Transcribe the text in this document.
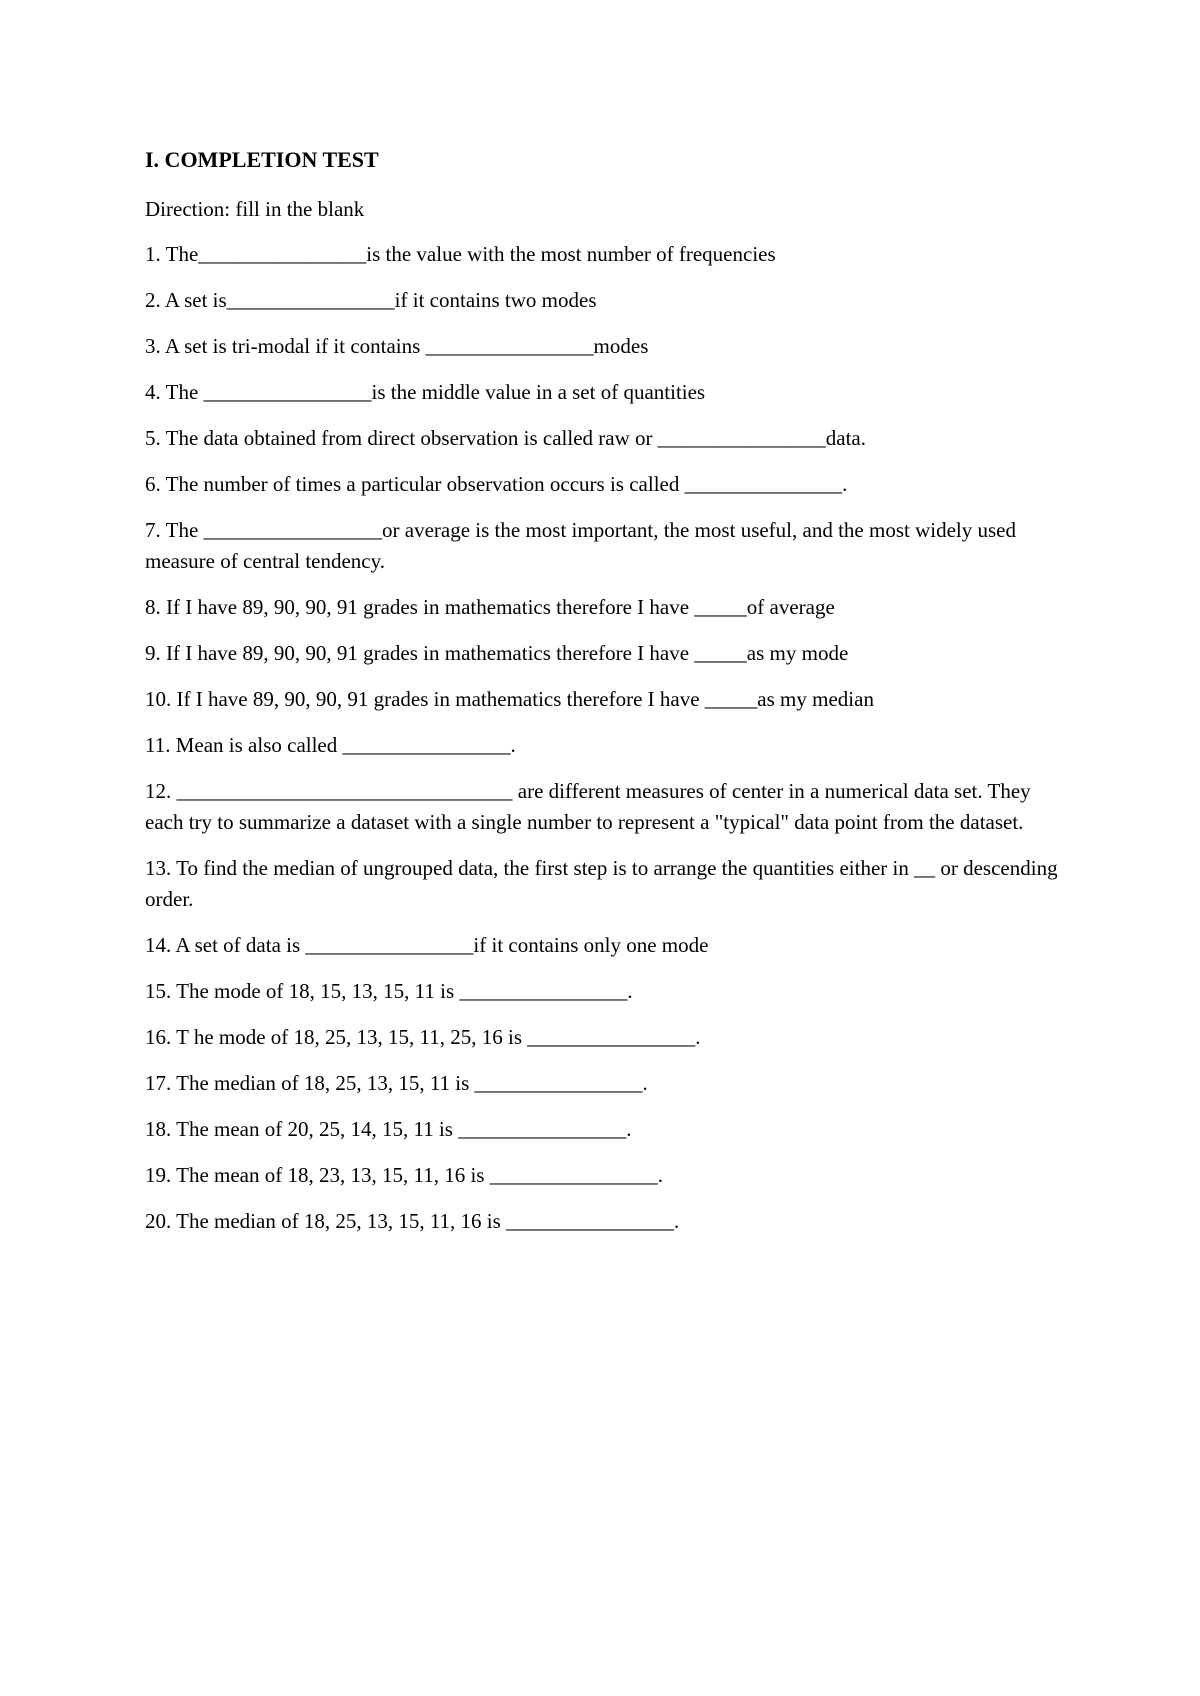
I. COMPLETION TEST
Direction: fill in the blank
1. The________________is the value with the most number of frequencies
2. A set is________________if it contains two modes
3. A set is tri-modal if it contains ________________modes
4. The ________________is the middle value in a set of quantities
5. The data obtained from direct observation is called raw or ________________data.
6. The number of times a particular observation occurs is called _______________.
7. The _________________or average is the most important, the most useful, and the most widely used measure of central tendency.
8. If I have 89, 90, 90, 91 grades in mathematics therefore I have _____of average
9. If I have 89, 90, 90, 91 grades in mathematics therefore I have _____as my mode
10. If I have 89, 90, 90, 91 grades in mathematics therefore I have _____as my median
11. Mean is also called ________________.
12. ________________________________ are different measures of center in a numerical data set. They each try to summarize a dataset with a single number to represent a "typical" data point from the dataset.
13. To find the median of ungrouped data, the first step is to arrange the quantities either in __ or descending order.
14. A set of data is ________________if it contains only one mode
15. The mode of 18, 15, 13, 15, 11 is ________________.
16. T he mode of 18, 25, 13, 15, 11, 25, 16 is ________________.
17. The median of 18, 25, 13, 15, 11 is ________________.
18. The mean of 20, 25, 14, 15, 11 is ________________.
19. The mean of 18, 23, 13, 15, 11, 16 is ________________.
20. The median of 18, 25, 13, 15, 11, 16 is ________________.
